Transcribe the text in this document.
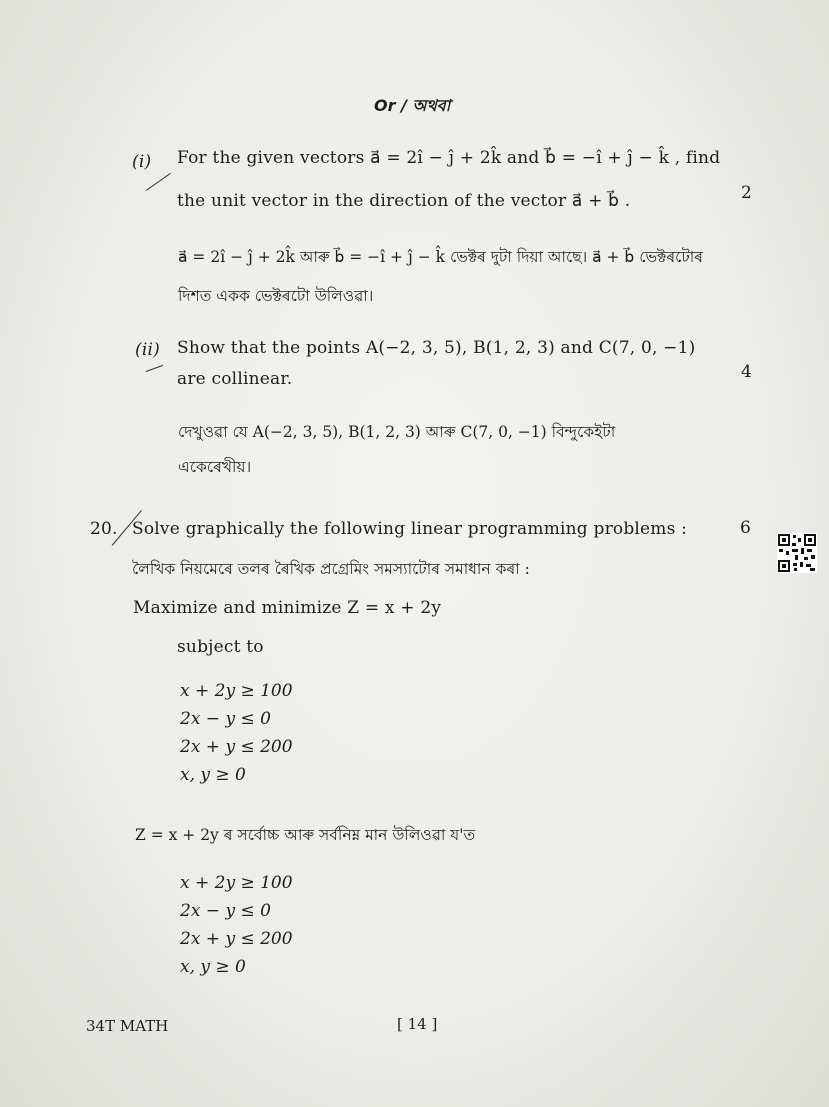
Or / অথবা
(i) For the given vectors a⃗ = 2î − ĵ + 2k̂ and b⃗ = −î + ĵ − k̂ , find
the unit vector in the direction of the vector a⃗ + b⃗ .	2
a⃗ = 2î − ĵ + 2k̂ আৰু b⃗ = −î + ĵ − k̂ ভেক্টৰ দুটা দিয়া আছে। a⃗ + b⃗ ভেক্টৰটোৰ
দিশত একক ভেক্টৰটো উলিওৱা।
(ii) Show that the points A(−2, 3, 5), B(1, 2, 3) and C(7, 0, −1)
are collinear.	4
দেখুওৱা যে A(−2, 3, 5), B(1, 2, 3) আৰু C(7, 0, −1) বিন্দুকেইটা
একেৰেখীয়।
20. Solve graphically the following linear programming problems :	6
লৈখিক নিয়মেৰে তলৰ ৰৈখিক প্ৰগ্ৰেমিং সমস্যাটোৰ সমাধান কৰা :
Maximize and minimize Z = x + 2y
subject to
x + 2y ≥ 100
2x − y ≤ 0
2x + y ≤ 200
x, y ≥ 0
Z = x + 2y ৰ সৰ্বোচ্চ আৰু সৰ্বনিম্ন মান উলিওৱা য'ত
x + 2y ≥ 100
2x − y ≤ 0
2x + y ≤ 200
x, y ≥ 0
34T MATH	[ 14 ]
